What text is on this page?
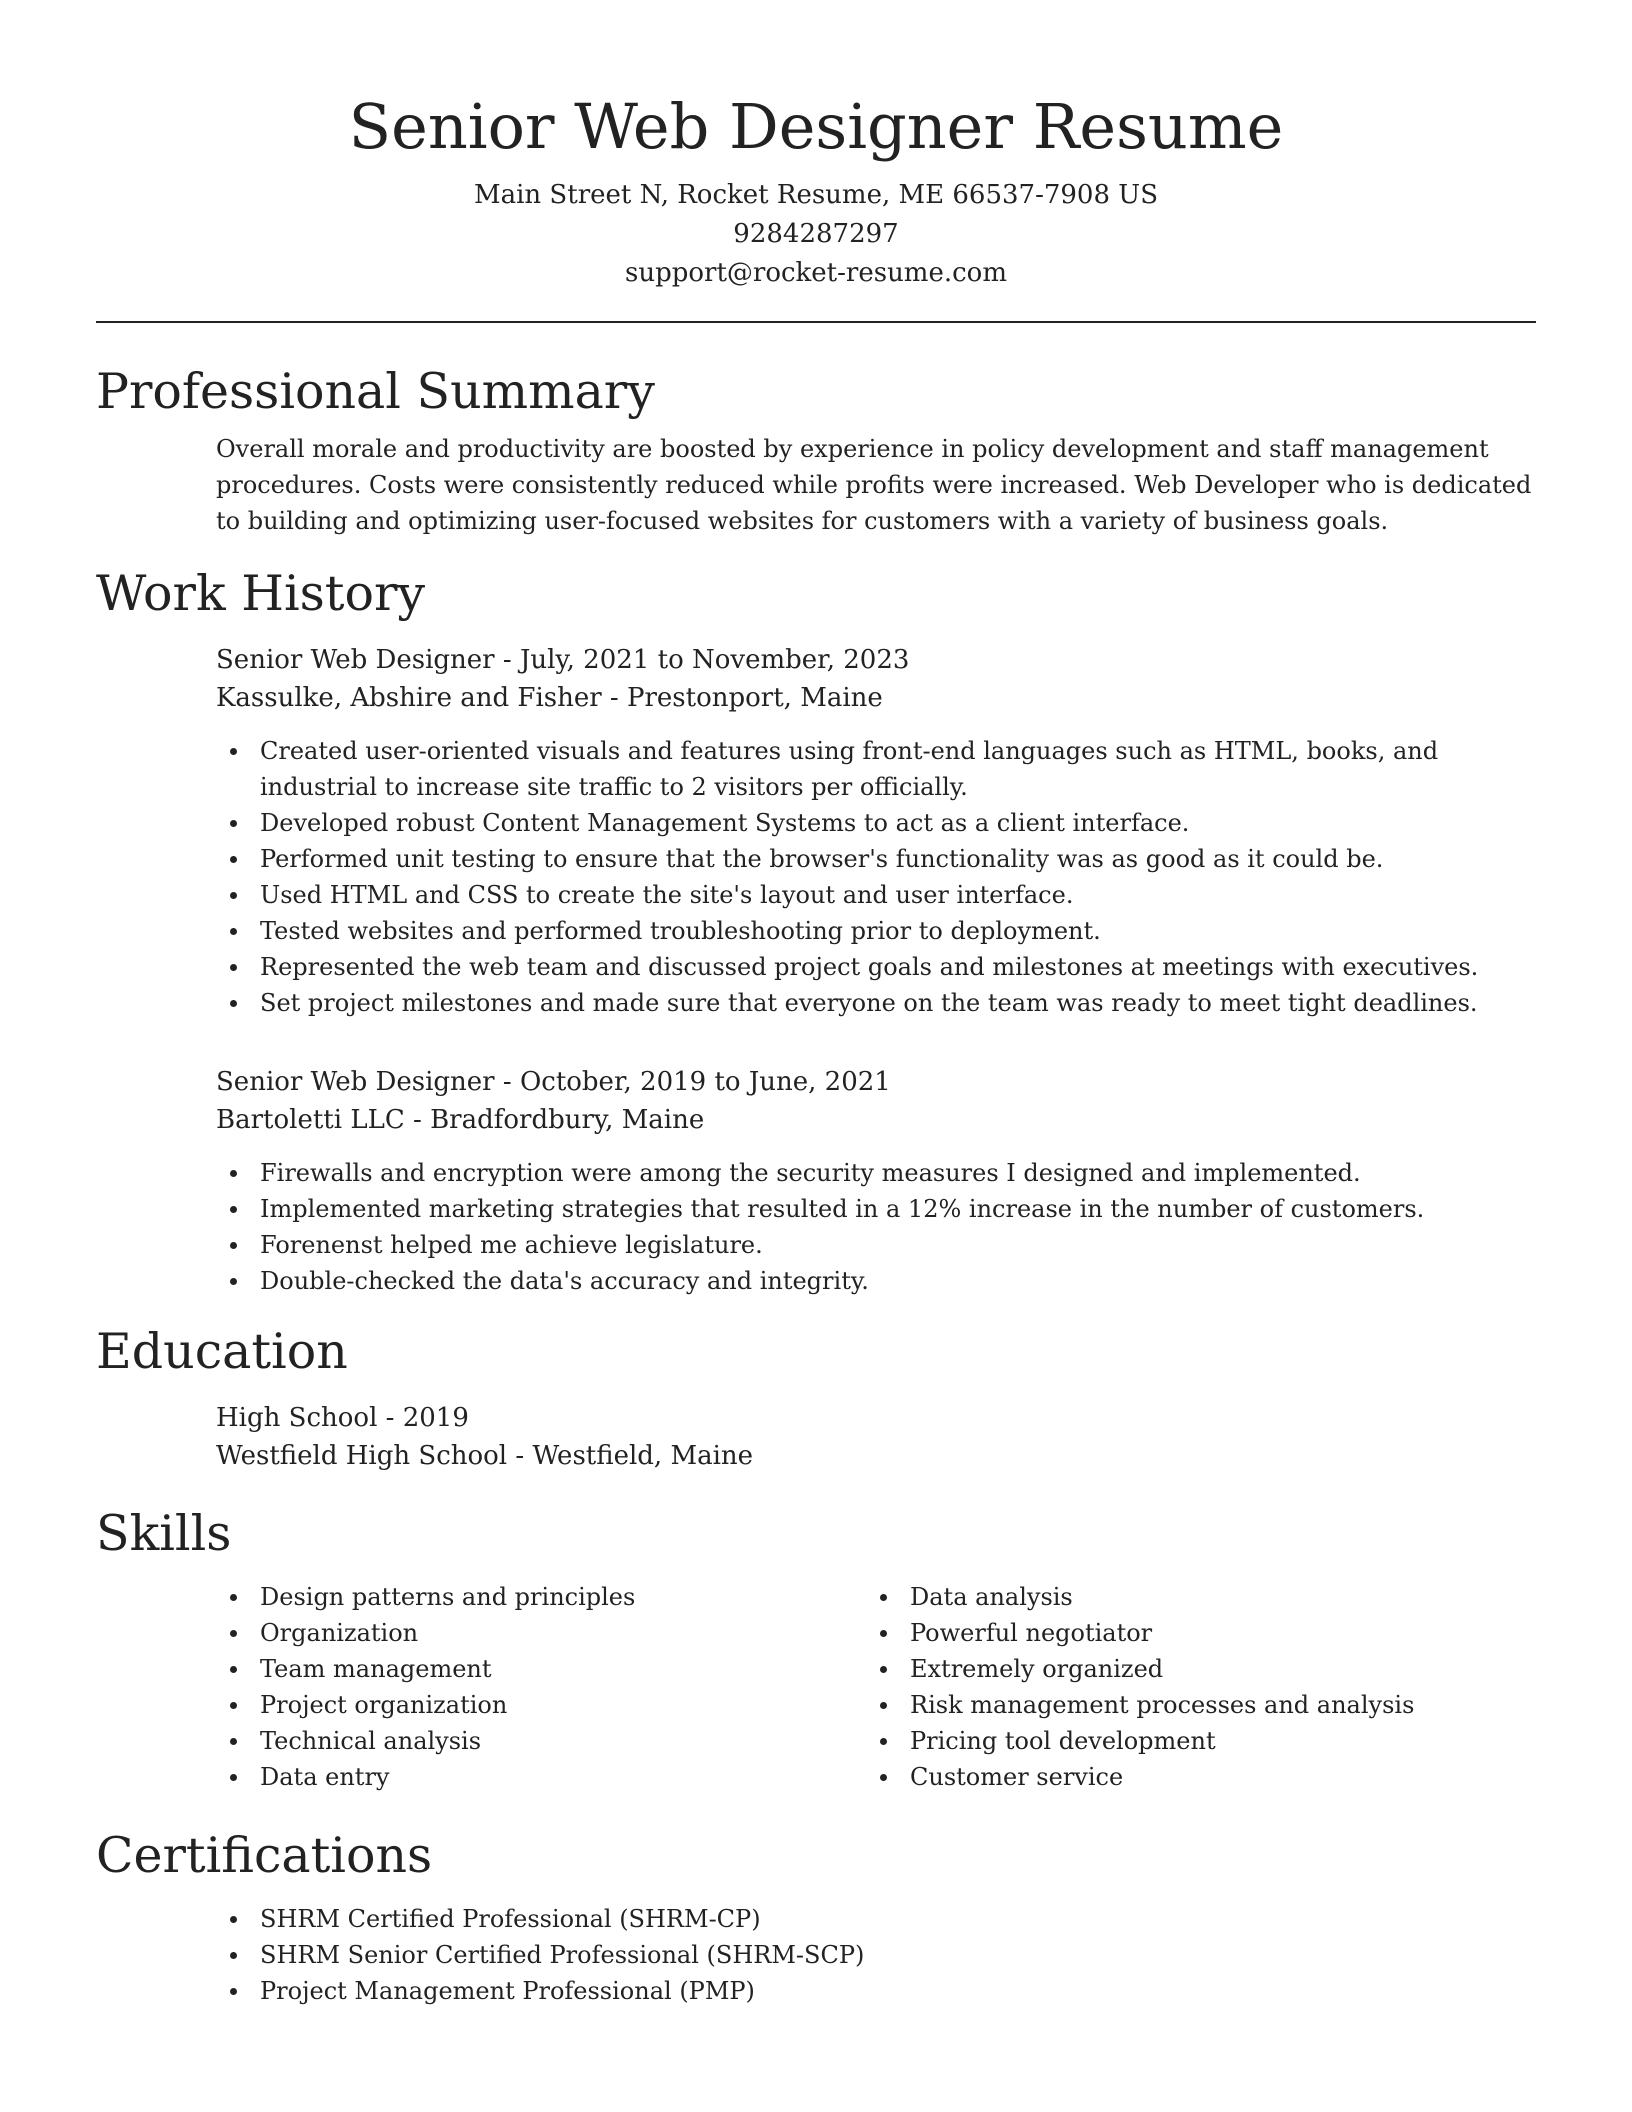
Senior Web Designer Resume
Main Street N, Rocket Resume, ME 66537-7908 US
9284287297
support@rocket-resume.com
Professional Summary

Overall morale and productivity are boosted by experience in policy development and staff management procedures. Costs were consistently reduced while profits were increased. Web Developer who is dedicated to building and optimizing user-focused websites for customers with a variety of business goals.

Work History
Senior Web Designer - July, 2021 to November, 2023
Kassulke, Abshire and Fisher - Prestonport, Maine
Created user-oriented visuals and features using front-end languages such as HTML, books, and industrial to increase site traffic to 2 visitors per officially.
Developed robust Content Management Systems to act as a client interface.
Performed unit testing to ensure that the browser's functionality was as good as it could be.
Used HTML and CSS to create the site's layout and user interface.
Tested websites and performed troubleshooting prior to deployment.
Represented the web team and discussed project goals and milestones at meetings with executives.
Set project milestones and made sure that everyone on the team was ready to meet tight deadlines.
Senior Web Designer - October, 2019 to June, 2021
Bartoletti LLC - Bradfordbury, Maine
Firewalls and encryption were among the security measures I designed and implemented.
Implemented marketing strategies that resulted in a 12% increase in the number of customers.
Forenenst helped me achieve legislature.
Double-checked the data's accuracy and integrity.
Education
High School - 2019
Westfield High School - Westfield, Maine
Skills
Design patterns and principles
Organization
Team management
Project organization
Technical analysis
Data entry
Data analysis
Powerful negotiator
Extremely organized
Risk management processes and analysis
Pricing tool development
Customer service
Certifications
SHRM Certified Professional (SHRM-CP)
SHRM Senior Certified Professional (SHRM-SCP)
Project Management Professional (PMP)
